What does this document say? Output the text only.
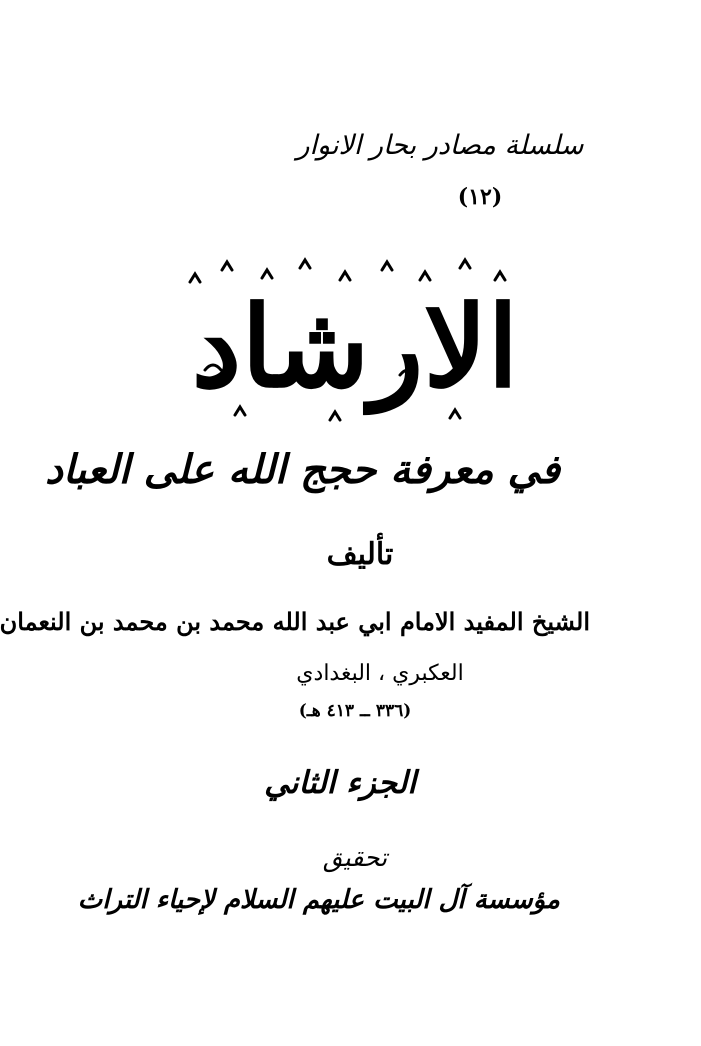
سلسلة مصادر بحار الانوار
(١٢)
الارشاد
في معرفة حجج الله على العباد
تأليف
الشيخ المفيد الامام ابي عبد الله محمد بن محمد بن النعمان
العكبري ، البغدادي
(٣٣٦ ــ ٤١٣ هـ)
الجزء الثاني
تحقيق
مؤسسة آل البيت عليهم السلام لإحياء التراث
